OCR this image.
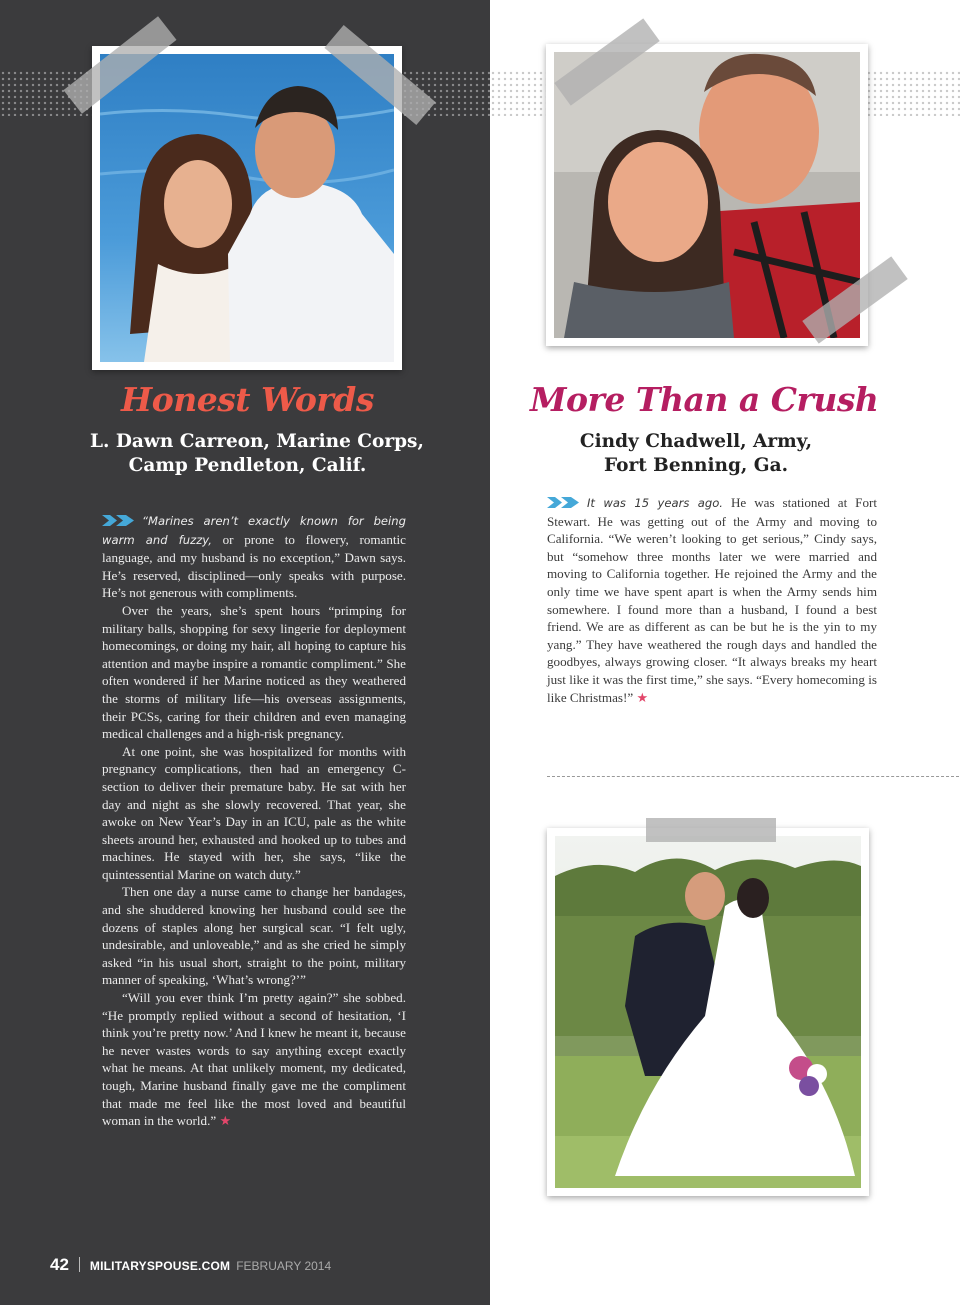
Honest Words
L. Dawn Carreon, Marine Corps,
Camp Pendleton, Calif.

“Marines aren’t exactly known for being warm and fuzzy, or prone to flowery, romantic language, and my husband is no exception,” Dawn says. He’s reserved, disciplined—only speaks with purpose. He’s not generous with compliments.

Over the years, she’s spent hours “primping for military balls, shopping for sexy lingerie for deployment homecomings, or doing my hair, all hoping to capture his attention and maybe inspire a romantic compliment.” She often wondered if her Marine noticed as they weathered the storms of military life—his overseas assignments, their PCSs, caring for their children and even managing medical challenges and a high-risk pregnancy.

At one point, she was hospitalized for months with pregnancy complications, then had an emergency C-section to deliver their premature baby. He sat with her day and night as she slowly recovered. That year, she awoke on New Year’s Day in an ICU, pale as the white sheets around her, exhausted and hooked up to tubes and machines. He stayed with her, she says, “like the quintessential Marine on watch duty.”

Then one day a nurse came to change her bandages, and she shuddered knowing her husband could see the dozens of staples along her surgical scar. “I felt ugly, undesirable, and unloveable,” and as she cried he simply asked “in his usual short, straight to the point, military manner of speaking, ‘What’s wrong?’”

“Will you ever think I’m pretty again?” she sobbed. “He promptly replied without a second of hesitation, ‘I think you’re pretty now.’ And I knew he meant it, because he never wastes words to say anything except exactly what he means. At that unlikely moment, my dedicated, tough, Marine husband finally gave me the compliment that made me feel like the most loved and beautiful woman in the world.” ★

More Than a Crush
Cindy Chadwell, Army,
Fort Benning, Ga.

It was 15 years ago. He was stationed at Fort Stewart. He was getting out of the Army and moving to California. “We weren’t looking to get serious,” Cindy says, but “somehow three months later we were married and moving to California together. He rejoined the Army and the only time we have spent apart is when the Army sends him somewhere. I found more than a husband, I found a best friend. We are as different as can be but he is the yin to my yang.” They have weathered the rough days and handled the goodbyes, always growing closer. “It always breaks my heart just like it was the first time,” she says. “Every homecoming is like Christmas!” ★

42 MILITARYSPOUSE.COM FEBRUARY 2014
